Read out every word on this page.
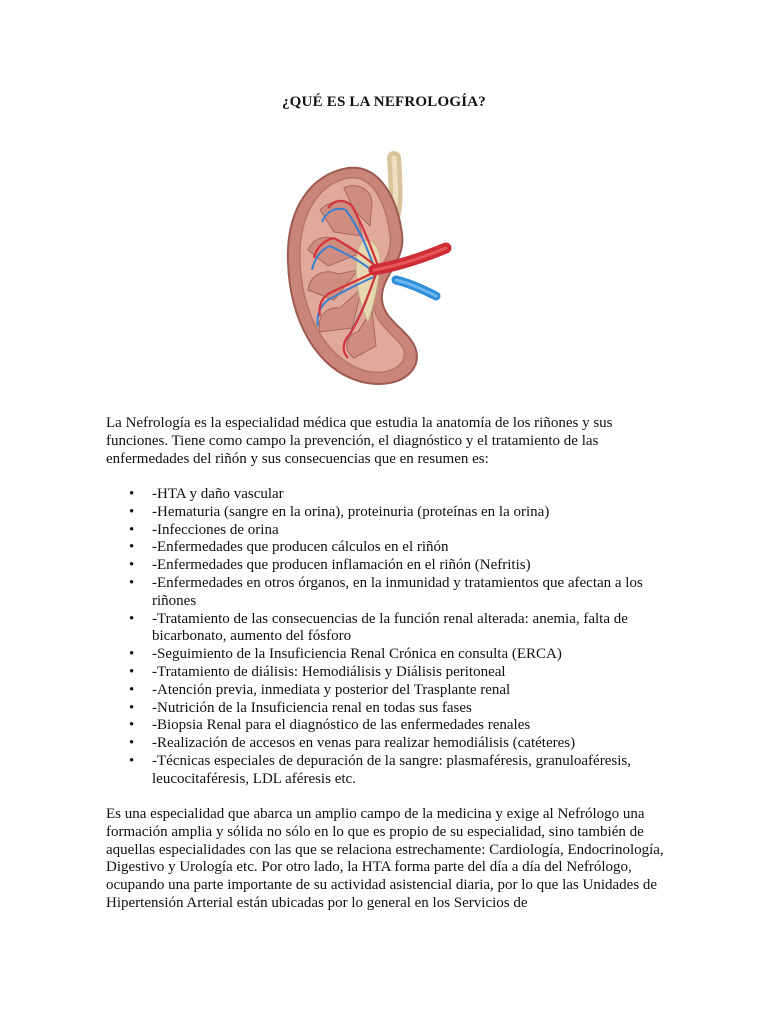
¿QUÉ ES LA NEFROLOGÍA?
La Nefrología es la especialidad médica que estudia la anatomía de los riñones y sus funciones. Tiene como campo la prevención, el diagnóstico y el tratamiento de las enfermedades del riñón y sus consecuencias que en resumen es:
• -HTA y daño vascular
• -Hematuria (sangre en la orina), proteinuria (proteínas en la orina)
• -Infecciones de orina
• -Enfermedades que producen cálculos en el riñón
• -Enfermedades que producen inflamación en el riñón (Nefritis)
• -Enfermedades en otros órganos, en la inmunidad y tratamientos que afectan a los riñones
• -Tratamiento de las consecuencias de la función renal alterada: anemia, falta de bicarbonato, aumento del fósforo
• -Seguimiento de la Insuficiencia Renal Crónica en consulta (ERCA)
• -Tratamiento de diálisis: Hemodiálisis y Diálisis peritoneal
• -Atención previa, inmediata y posterior del Trasplante renal
• -Nutrición de la Insuficiencia renal en todas sus fases
• -Biopsia Renal para el diagnóstico de las enfermedades renales
• -Realización de accesos en venas para realizar hemodiálisis (catéteres)
• -Técnicas especiales de depuración de la sangre: plasmaféresis, granuloaféresis, leucocitaféresis, LDL aféresis etc.
Es una especialidad que abarca un amplio campo de la medicina y exige al Nefrólogo una formación amplia y sólida no sólo en lo que es propio de su especialidad, sino también de aquellas especialidades con las que se relaciona estrechamente: Cardiología, Endocrinología, Digestivo y Urología etc. Por otro lado, la HTA forma parte del día a día del Nefrólogo, ocupando una parte importante de su actividad asistencial diaria, por lo que las Unidades de Hipertensión Arterial están ubicadas por lo general en los Servicios de
